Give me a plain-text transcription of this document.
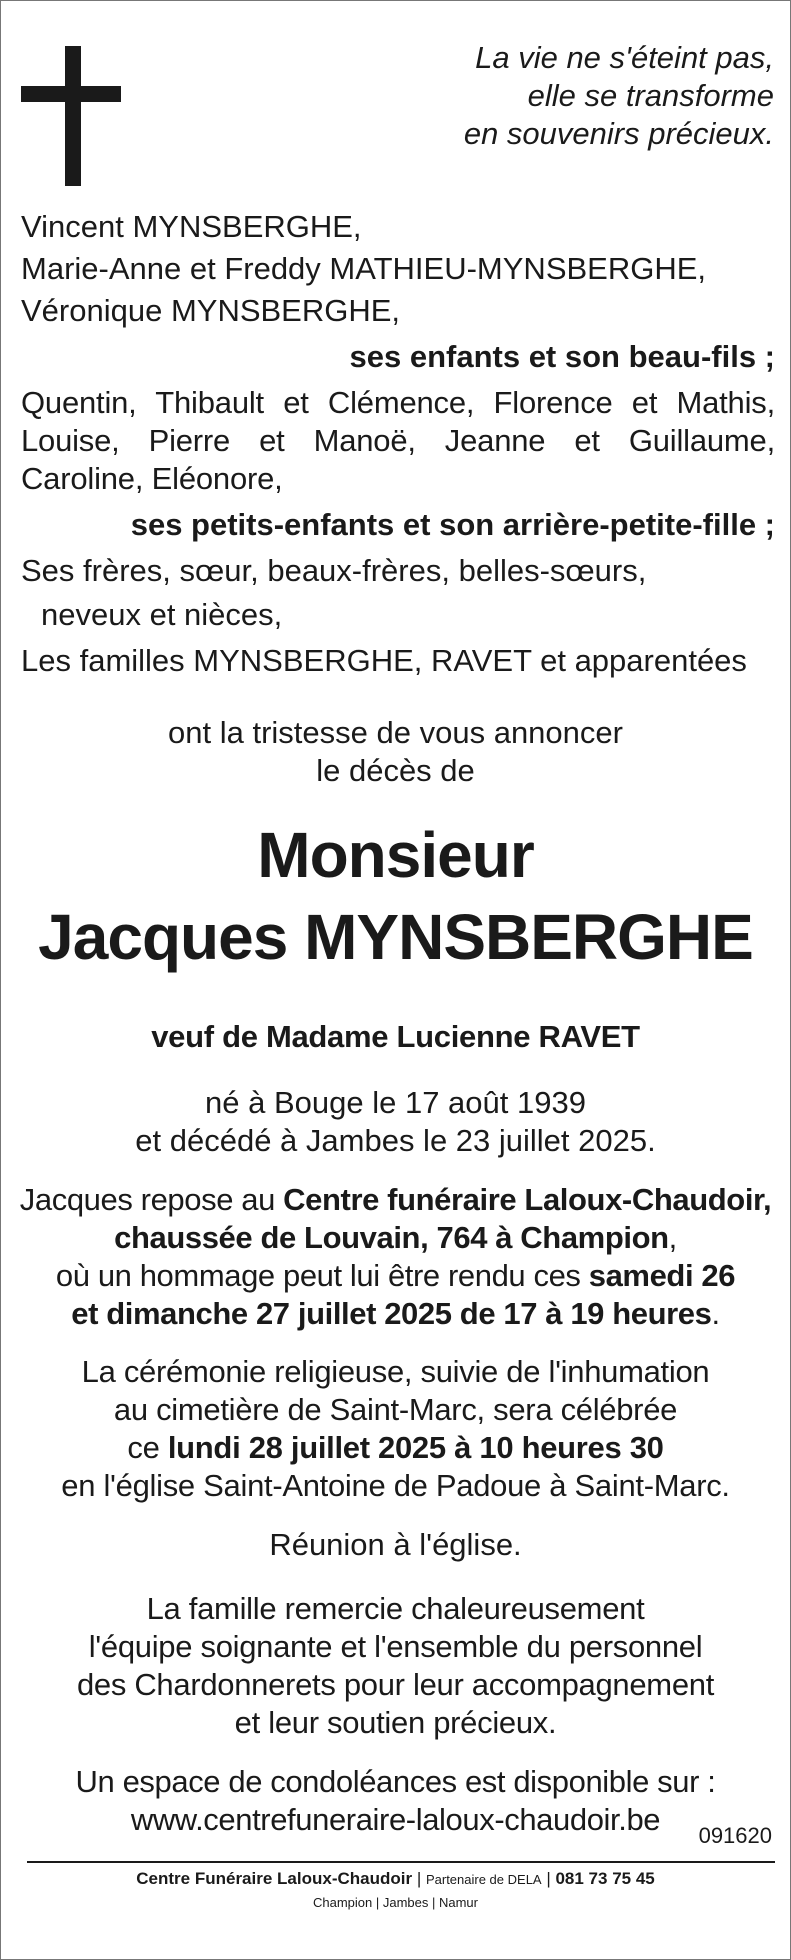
La vie ne s'éteint pas,
elle se transforme
en souvenirs précieux.
Vincent MYNSBERGHE,
Marie-Anne et Freddy MATHIEU-MYNSBERGHE,
Véronique MYNSBERGHE,
ses enfants et son beau-fils ;
Quentin, Thibault et Clémence, Florence et Mathis, Louise, Pierre et Manoë, Jeanne et Guillaume, Caroline, Eléonore,
ses petits-enfants et son arrière-petite-fille ;
Ses frères, sœur, beaux-frères, belles-sœurs,
neveux et nièces,
Les familles MYNSBERGHE, RAVET et apparentées
ont la tristesse de vous annoncer
le décès de
Monsieur
Jacques MYNSBERGHE
veuf de Madame Lucienne RAVET
né à Bouge le 17 août 1939
et décédé à Jambes le 23 juillet 2025.
Jacques repose au Centre funéraire Laloux-Chaudoir,
chaussée de Louvain, 764 à Champion,
où un hommage peut lui être rendu ces samedi 26
et dimanche 27 juillet 2025 de 17 à 19 heures.
La cérémonie religieuse, suivie de l'inhumation
au cimetière de Saint-Marc, sera célébrée
ce lundi 28 juillet 2025 à 10 heures 30
en l'église Saint-Antoine de Padoue à Saint-Marc.
Réunion à l'église.
La famille remercie chaleureusement
l'équipe soignante et l'ensemble du personnel
des Chardonnerets pour leur accompagnement
et leur soutien précieux.
Un espace de condoléances est disponible sur :
www.centrefuneraire-laloux-chaudoir.be	091620
Centre Funéraire Laloux-Chaudoir | Partenaire de DELA | 081 73 75 45
Champion | Jambes | Namur
